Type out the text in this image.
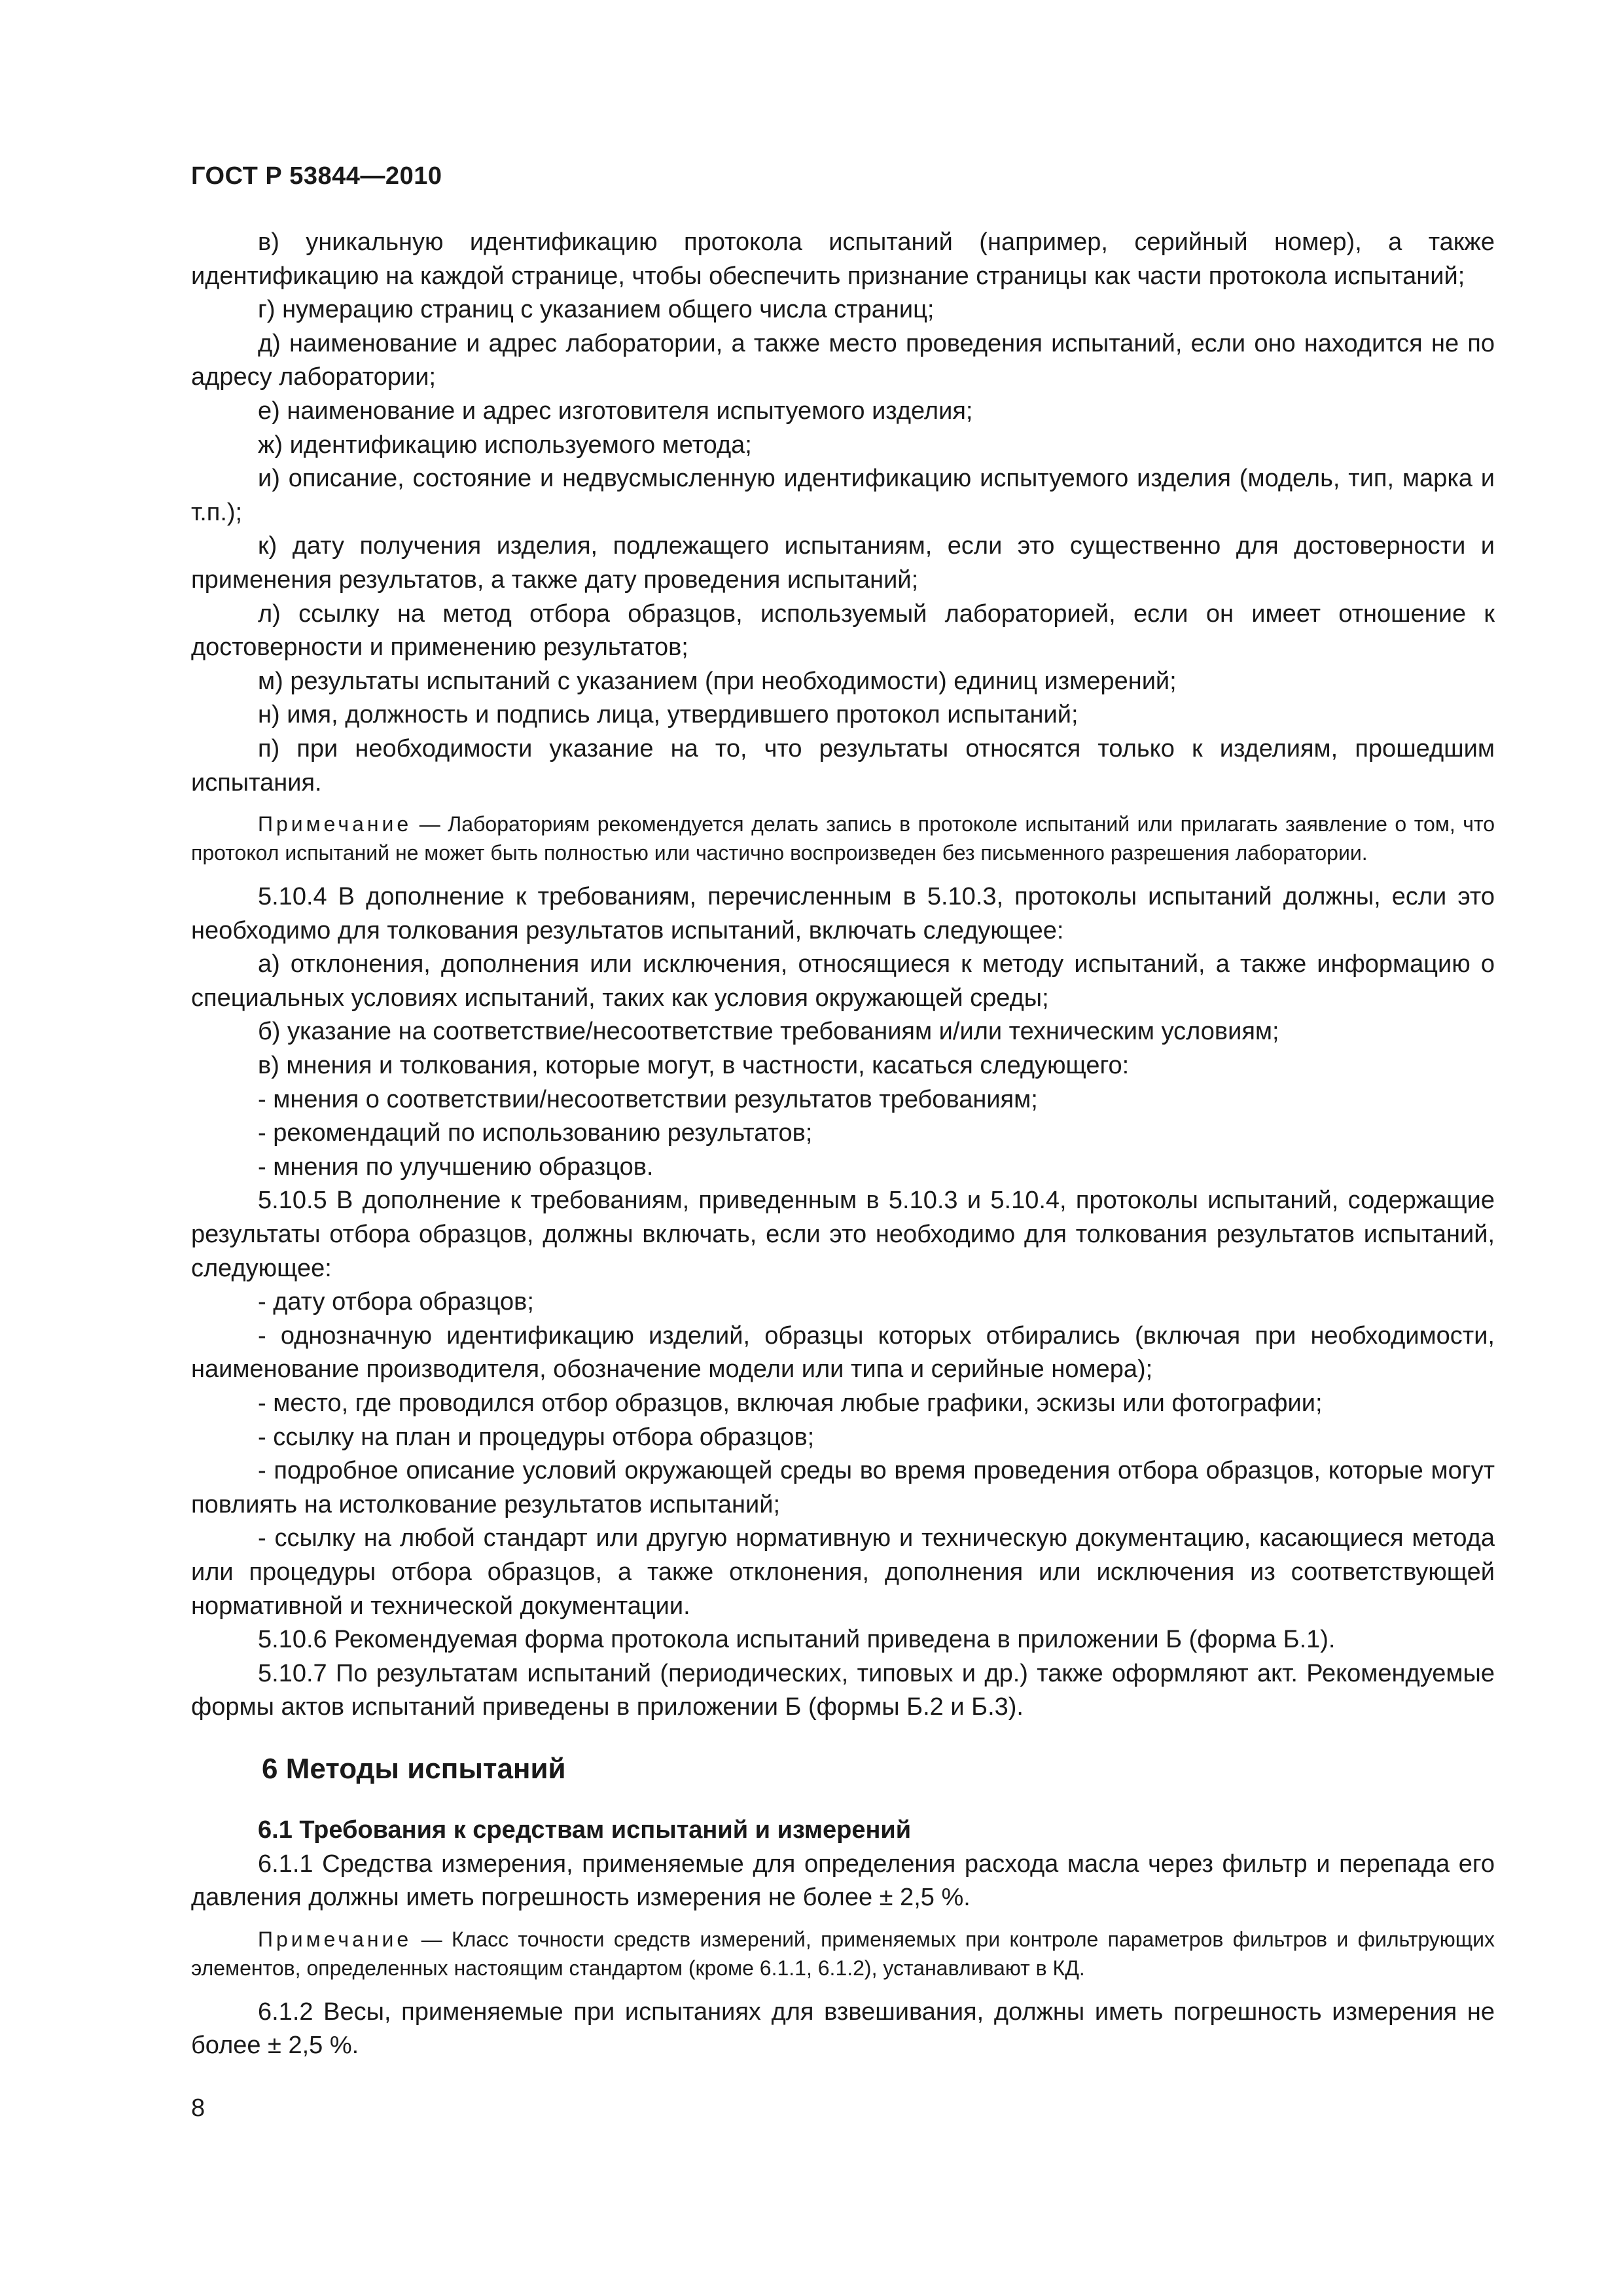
ГОСТ Р 53844—2010

в) уникальную идентификацию протокола испытаний (например, серийный номер), а также идентификацию на каждой странице, чтобы обеспечить признание страницы как части протокола испытаний;

г) нумерацию страниц с указанием общего числа страниц;

д) наименование и адрес лаборатории, а также место проведения испытаний, если оно находится не по адресу лаборатории;

е) наименование и адрес изготовителя испытуемого изделия;

ж) идентификацию используемого метода;

и) описание, состояние и недвусмысленную идентификацию испытуемого изделия (модель, тип, марка и т.п.);

к) дату получения изделия, подлежащего испытаниям, если это существенно для достоверности и применения результатов, а также дату проведения испытаний;

л) ссылку на метод отбора образцов, используемый лабораторией, если он имеет отношение к достоверности и применению результатов;

м) результаты испытаний с указанием (при необходимости) единиц измерений;

н) имя, должность и подпись лица, утвердившего протокол испытаний;

п) при необходимости указание на то, что результаты относятся только к изделиям, прошедшим испытания.

Примечание — Лабораториям рекомендуется делать запись в протоколе испытаний или прилагать заявление о том, что протокол испытаний не может быть полностью или частично воспроизведен без письменного разрешения лаборатории.

5.10.4 В дополнение к требованиям, перечисленным в 5.10.3, протоколы испытаний должны, если это необходимо для толкования результатов испытаний, включать следующее:

а) отклонения, дополнения или исключения, относящиеся к методу испытаний, а также информацию о специальных условиях испытаний, таких как условия окружающей среды;

б) указание на соответствие/несоответствие требованиям и/или техническим условиям;

в) мнения и толкования, которые могут, в частности, касаться следующего:

- мнения о соответствии/несоответствии результатов требованиям;

- рекомендаций по использованию результатов;

- мнения по улучшению образцов.

5.10.5 В дополнение к требованиям, приведенным в 5.10.3 и 5.10.4, протоколы испытаний, содержащие результаты отбора образцов, должны включать, если это необходимо для толкования результатов испытаний, следующее:

- дату отбора образцов;

- однозначную идентификацию изделий, образцы которых отбирались (включая при необходимости, наименование производителя, обозначение модели или типа и серийные номера);

- место, где проводился отбор образцов, включая любые графики, эскизы или фотографии;

- ссылку на план и процедуры отбора образцов;

- подробное описание условий окружающей среды во время проведения отбора образцов, которые могут повлиять на истолкование результатов испытаний;

- ссылку на любой стандарт или другую нормативную и техническую документацию, касающиеся метода или процедуры отбора образцов, а также отклонения, дополнения или исключения из соответствующей нормативной и технической документации.

5.10.6 Рекомендуемая форма протокола испытаний приведена в приложении Б (форма Б.1).

5.10.7 По результатам испытаний (периодических, типовых и др.) также оформляют акт. Рекомендуемые формы актов испытаний приведены в приложении Б (формы Б.2 и Б.3).

6 Методы испытаний
6.1 Требования к средствам испытаний и измерений

6.1.1 Средства измерения, применяемые для определения расхода масла через фильтр и перепада его давления должны иметь погрешность измерения не более ± 2,5 %.

Примечание — Класс точности средств измерений, применяемых при контроле параметров фильтров и фильтрующих элементов, определенных настоящим стандартом (кроме 6.1.1, 6.1.2), устанавливают в КД.

6.1.2 Весы, применяемые при испытаниях для взвешивания, должны иметь погрешность измерения не более ± 2,5 %.

8
